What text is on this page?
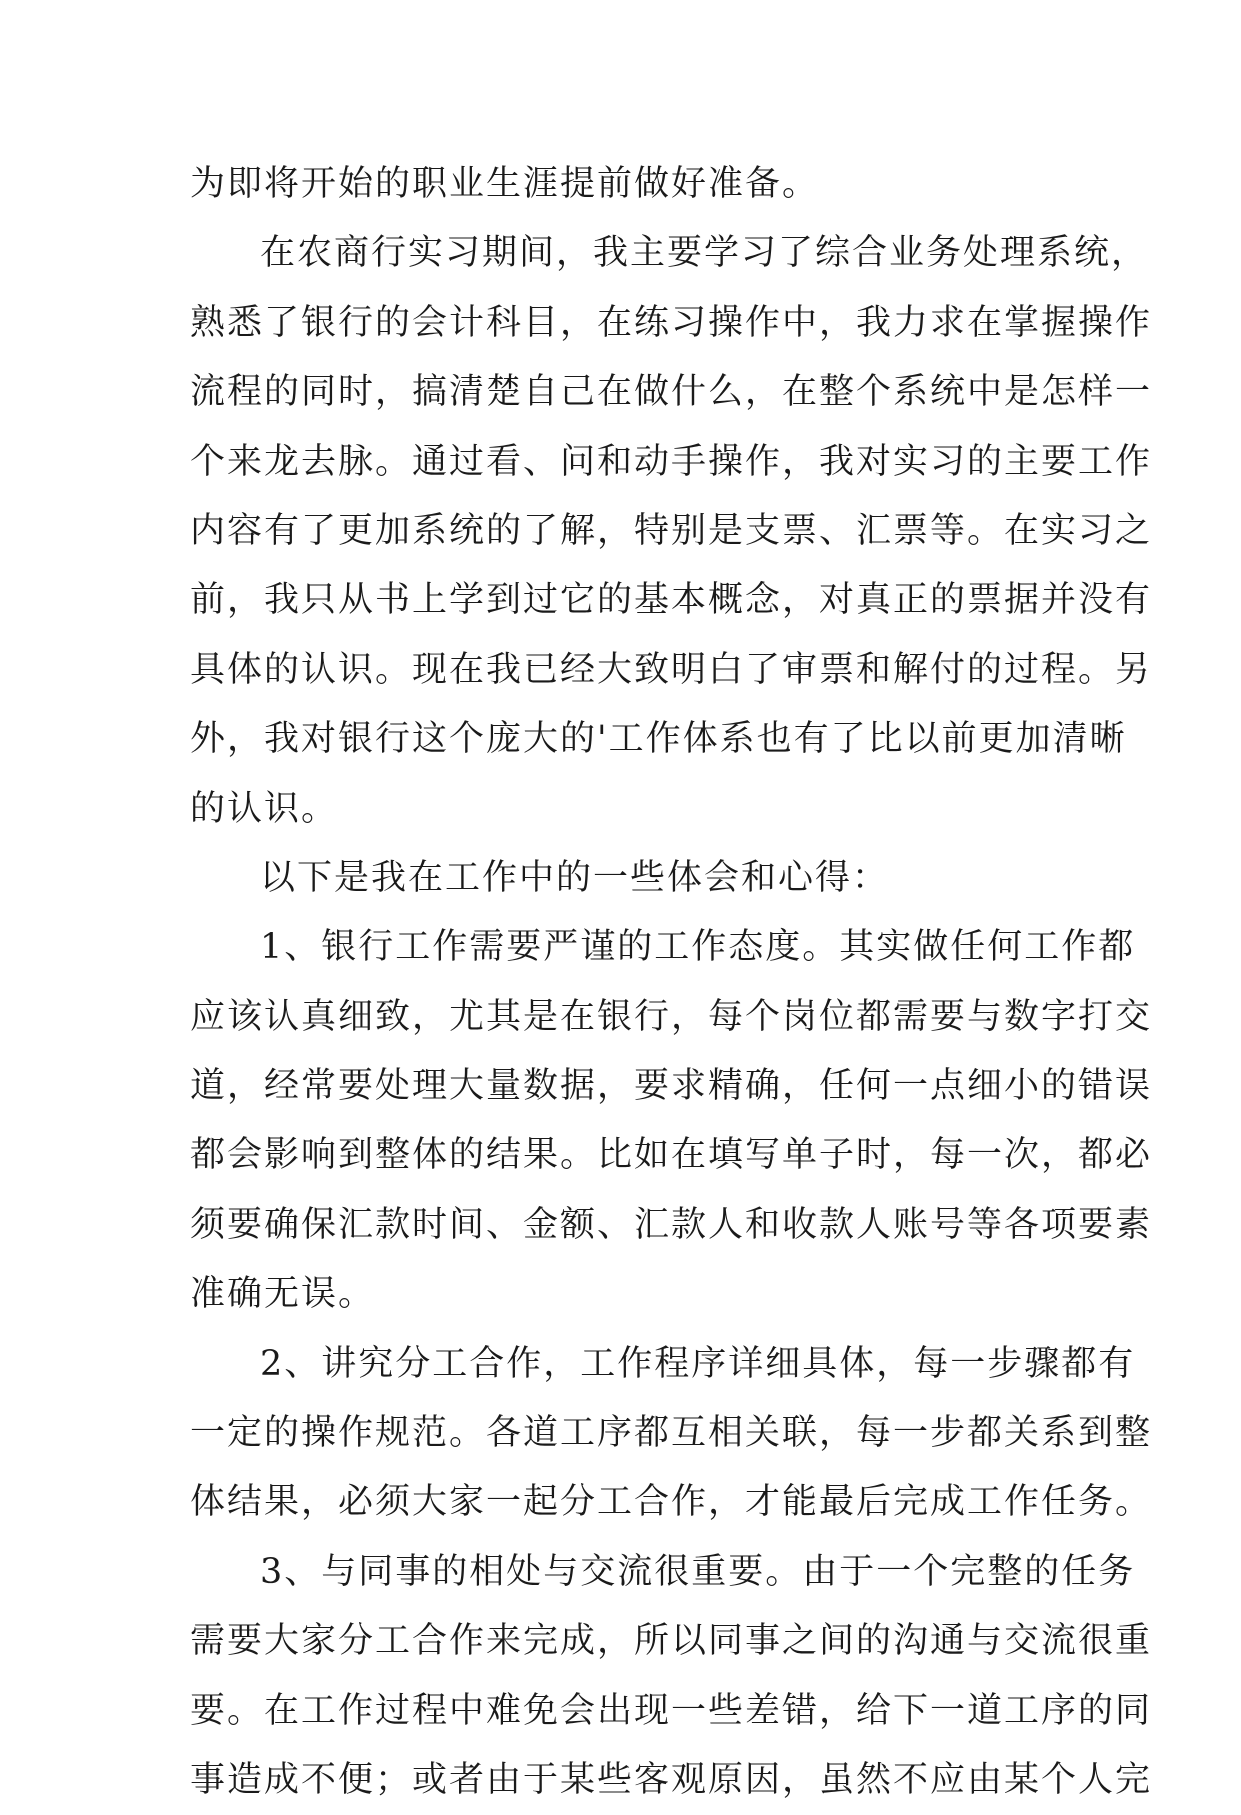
为即将开始的职业生涯提前做好准备。
在农商行实习期间，我主要学习了综合业务处理系统，
熟悉了银行的会计科目，在练习操作中，我力求在掌握操作
流程的同时，搞清楚自己在做什么，在整个系统中是怎样一
个来龙去脉。通过看、问和动手操作，我对实习的主要工作
内容有了更加系统的了解，特别是支票、汇票等。在实习之
前，我只从书上学到过它的基本概念，对真正的票据并没有
具体的认识。现在我已经大致明白了审票和解付的过程。另
外，我对银行这个庞大的'工作体系也有了比以前更加清晰
的认识。
以下是我在工作中的一些体会和心得：
1、银行工作需要严谨的工作态度。其实做任何工作都
应该认真细致，尤其是在银行，每个岗位都需要与数字打交
道，经常要处理大量数据，要求精确，任何一点细小的错误
都会影响到整体的结果。比如在填写单子时，每一次，都必
须要确保汇款时间、金额、汇款人和收款人账号等各项要素
准确无误。
2、讲究分工合作，工作程序详细具体，每一步骤都有
一定的操作规范。各道工序都互相关联，每一步都关系到整
体结果，必须大家一起分工合作，才能最后完成工作任务。
3、与同事的相处与交流很重要。由于一个完整的任务
需要大家分工合作来完成，所以同事之间的沟通与交流很重
要。在工作过程中难免会出现一些差错，给下一道工序的同
事造成不便；或者由于某些客观原因，虽然不应由某个人完
